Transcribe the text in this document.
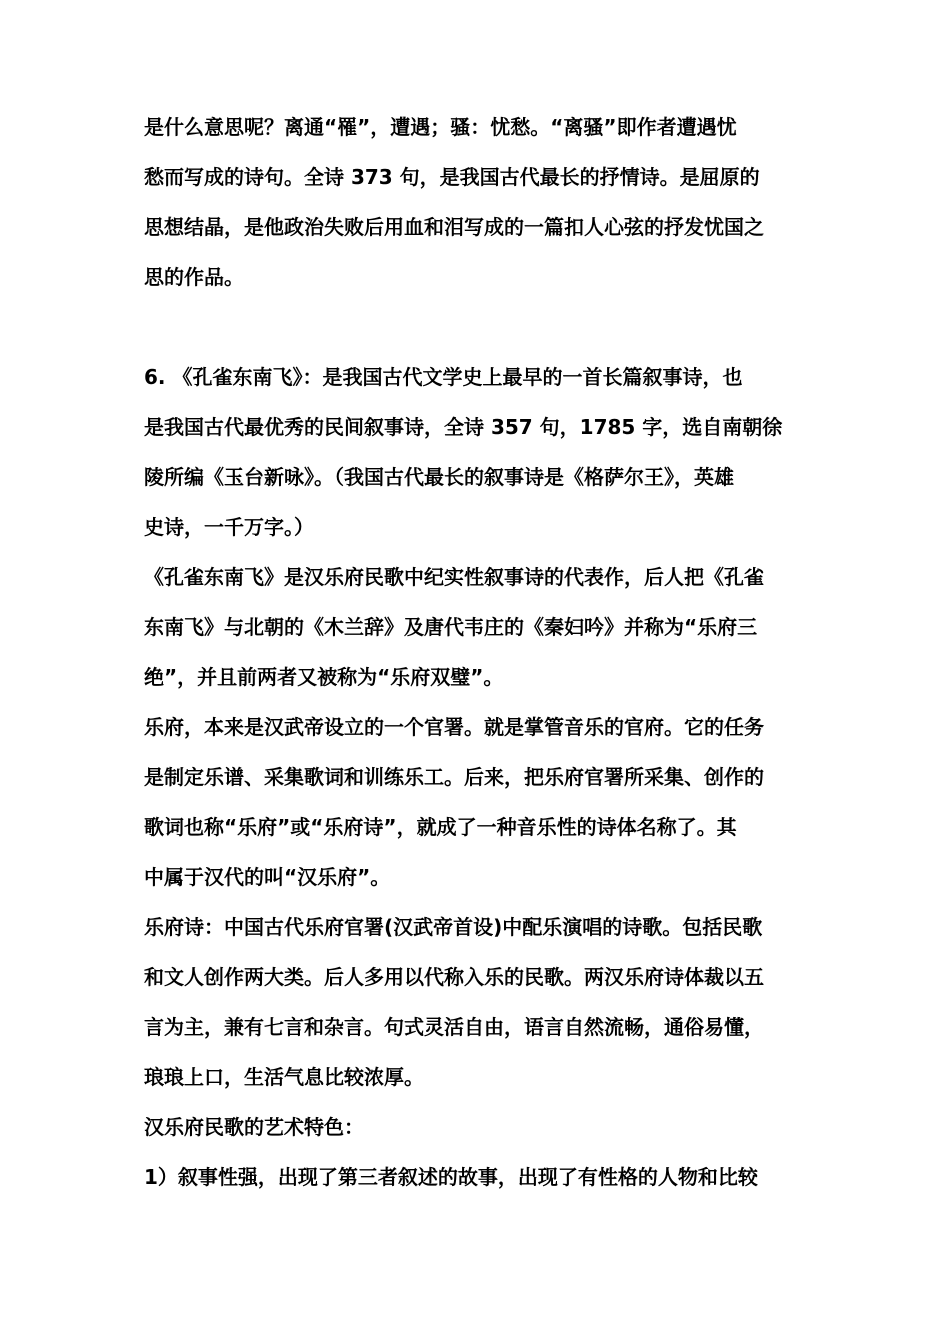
是什么意思呢？离通“罹”，遭遇；骚：忧愁。“离骚”即作者遭遇忧
愁而写成的诗句。全诗 373 句，是我国古代最长的抒情诗。是屈原的
思想结晶，是他政治失败后用血和泪写成的一篇扣人心弦的抒发忧国之
思的作品。
6. 《孔雀东南飞》：是我国古代文学史上最早的一首长篇叙事诗，也
是我国古代最优秀的民间叙事诗，全诗 357 句，1785 字，选自南朝徐
陵所编《玉台新咏》。（我国古代最长的叙事诗是《格萨尔王》，英雄
史诗，一千万字。）
《孔雀东南飞》是汉乐府民歌中纪实性叙事诗的代表作，后人把《孔雀
东南飞》与北朝的《木兰辞》及唐代韦庄的《秦妇吟》并称为“乐府三
绝”，并且前两者又被称为“乐府双璧”。
乐府，本来是汉武帝设立的一个官署。就是掌管音乐的官府。它的任务
是制定乐谱、采集歌词和训练乐工。后来，把乐府官署所采集、创作的
歌词也称“乐府”或“乐府诗”，就成了一种音乐性的诗体名称了。其
中属于汉代的叫“汉乐府”。
乐府诗：中国古代乐府官署(汉武帝首设)中配乐演唱的诗歌。包括民歌
和文人创作两大类。后人多用以代称入乐的民歌。两汉乐府诗体裁以五
言为主，兼有七言和杂言。句式灵活自由，语言自然流畅，通俗易懂，
琅琅上口，生活气息比较浓厚。
汉乐府民歌的艺术特色：
1）叙事性强，出现了第三者叙述的故事，出现了有性格的人物和比较
